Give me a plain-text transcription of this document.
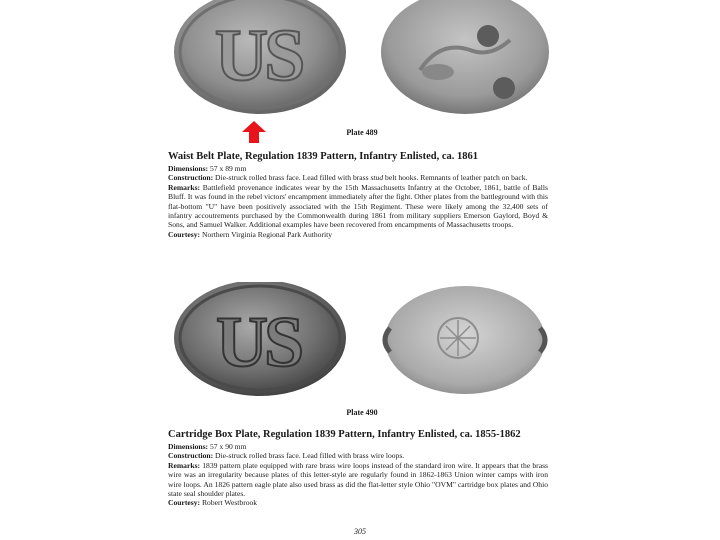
US
Plate 489
Waist Belt Plate, Regulation 1839 Pattern, Infantry Enlisted, ca. 1861

Dimensions: 57 x 89 mm

Construction: Die-struck rolled brass face. Lead filled with brass stud belt hooks. Remnants of leather patch on back.

Remarks: Battlefield provenance indicates wear by the 15th Massachusetts Infantry at the October, 1861, battle of Balls Bluff. It was found in the rebel victors' encampment immediately after the fight. Other plates from the battleground with this flat-bottom "U" have been positively associated with the 15th Regiment. These were likely among the 32,400 sets of infantry accoutrements purchased by the Commonwealth during 1861 from military suppliers Emerson Gaylord, Boyd & Sons, and Samuel Walker. Additional examples have been recovered from encampments of Massachusetts troops.

Courtesy: Northern Virginia Regional Park Authority

US
Plate 490
Cartridge Box Plate, Regulation 1839 Pattern, Infantry Enlisted, ca. 1855-1862

Dimensions: 57 x 90 mm

Construction: Die-struck rolled brass face. Lead filled with brass wire loops.

Remarks: 1839 pattern plate equipped with rare brass wire loops instead of the standard iron wire. It appears that the brass wire was an irregularity because plates of this letter-style are regularly found in 1862-1863 Union winter camps with iron wire loops. An 1826 pattern eagle plate also used brass as did the flat-letter style Ohio "OVM" cartridge box plates and Ohio state seal shoulder plates.

Courtesy: Robert Westbrook

305
